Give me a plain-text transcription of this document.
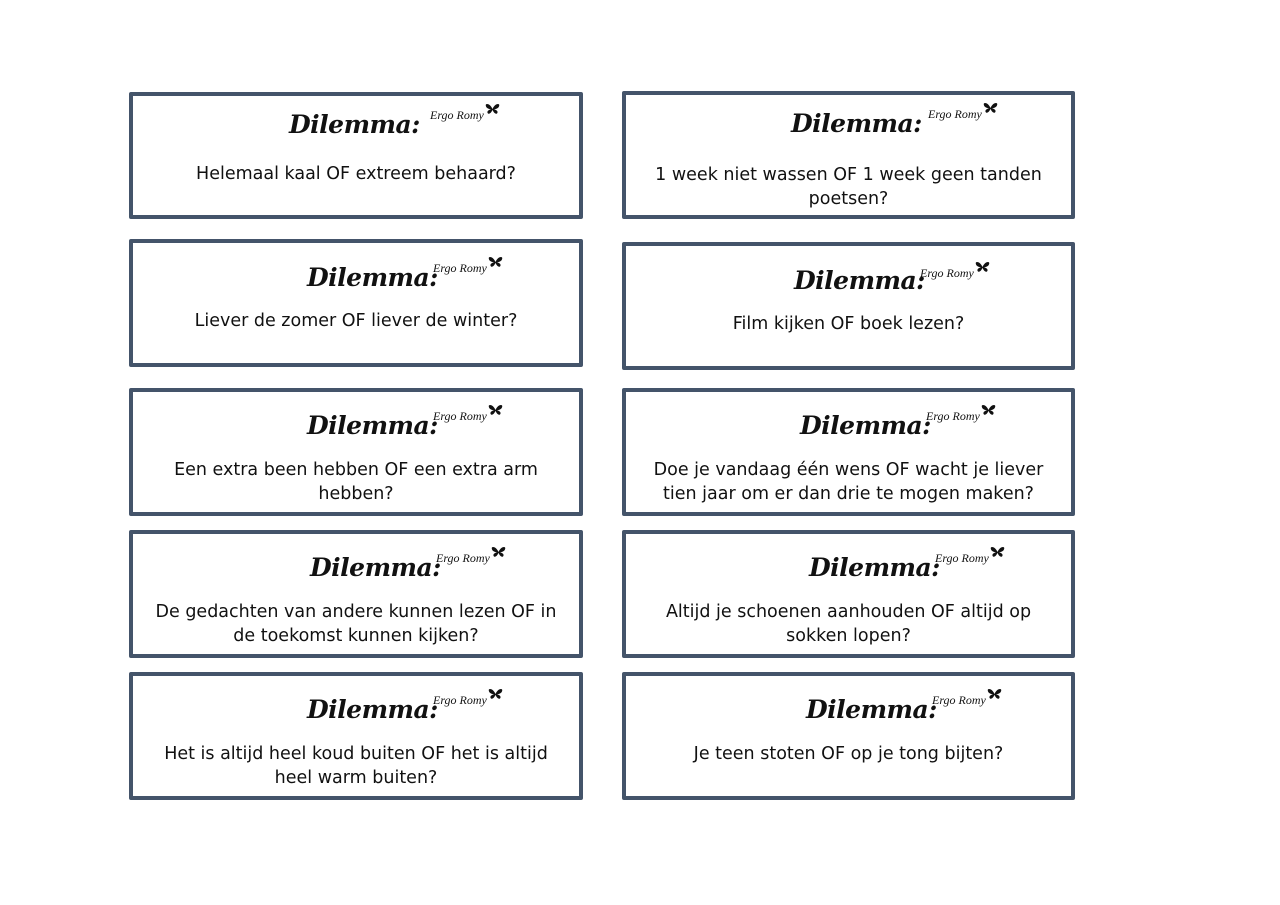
Dilemma: Ergo Romy
Helemaal kaal OF extreem behaard?
Dilemma: Ergo Romy
1 week niet wassen OF 1 week geen tanden poetsen?
Dilemma:
Ergo Romy
Liever de zomer OF liever de winter?
Dilemma:
Ergo Romy
Film kijken OF boek lezen?
Dilemma:
Ergo Romy
Een extra been hebben OF een extra arm hebben?
Dilemma:
Ergo Romy
Doe je vandaag één wens OF wacht je liever tien jaar om er dan drie te mogen maken?
Dilemma:
Ergo Romy
De gedachten van andere kunnen lezen OF in de toekomst kunnen kijken?
Dilemma:
Ergo Romy
Altijd je schoenen aanhouden OF altijd op sokken lopen?
Dilemma:
Ergo Romy
Het is altijd heel koud buiten OF het is altijd heel warm buiten?
Dilemma:
Ergo Romy
Je teen stoten OF op je tong bijten?
